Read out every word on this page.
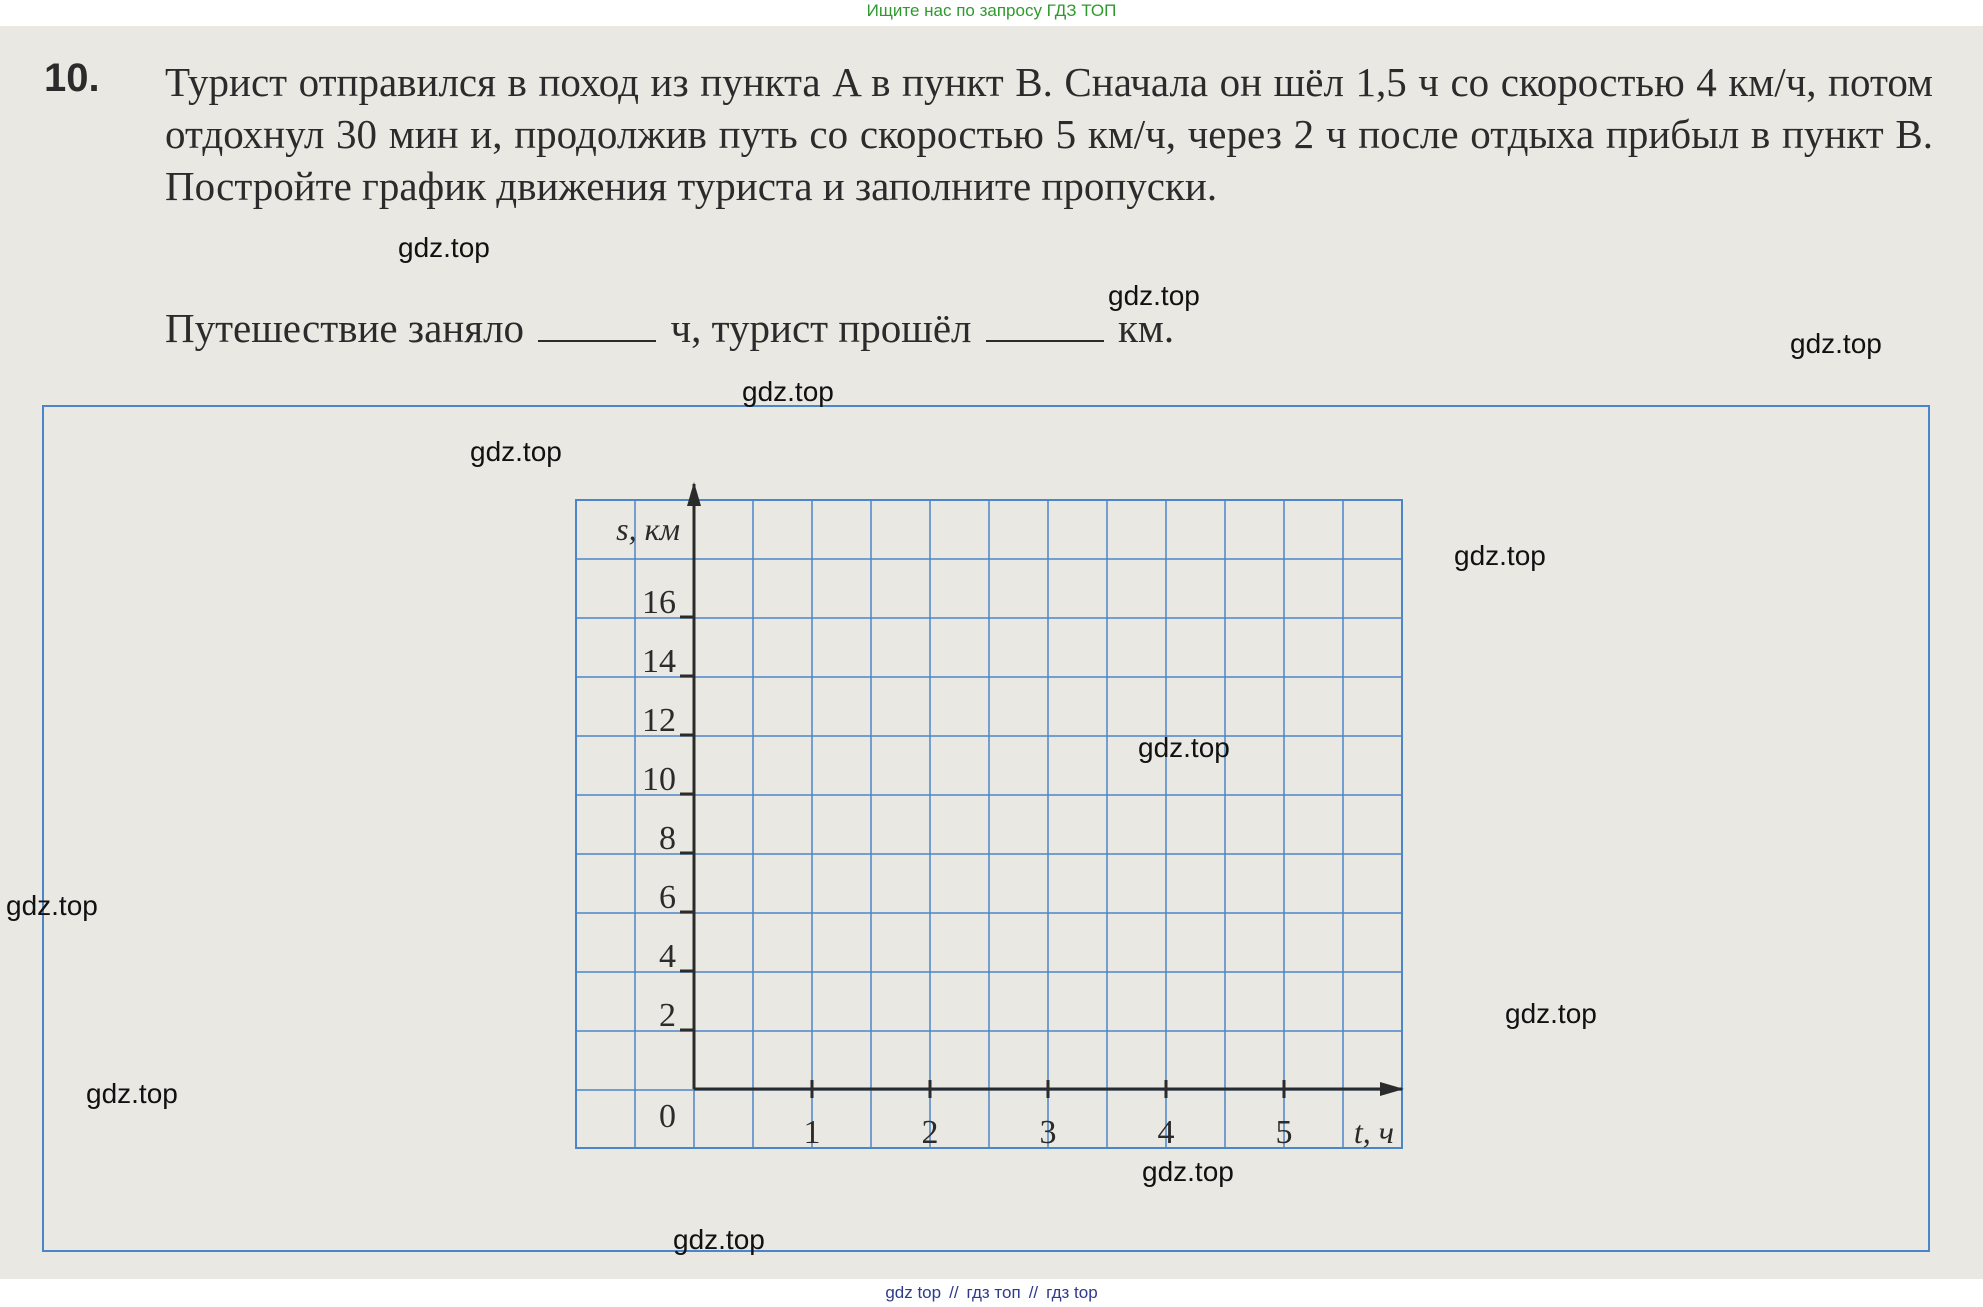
Ищите нас по запросу ГДЗ ТОП
10. Турист отправился в поход из пункта A в пункт B. Сначала он шёл 1,5 ч со скоростью 4 км/ч, потом отдохнул 30 мин и, продолжив путь со скоростью 5 км/ч, через 2 ч после отдыха прибыл в пункт B. Постройте график движения туриста и заполните пропуски.
Путешествие заняло	ч, турист прошёл	км.
1	2	3	4	5
2
4
6
8
10
12
14
16
0
s, км
t, ч
gdz.top
gdz.top
gdz.top
gdz.top
gdz.top
gdz.top
gdz.top
gdz.top
gdz.top
gdz.top
gdz.top
gdz.top
gdz top // гдз топ // гдз top
